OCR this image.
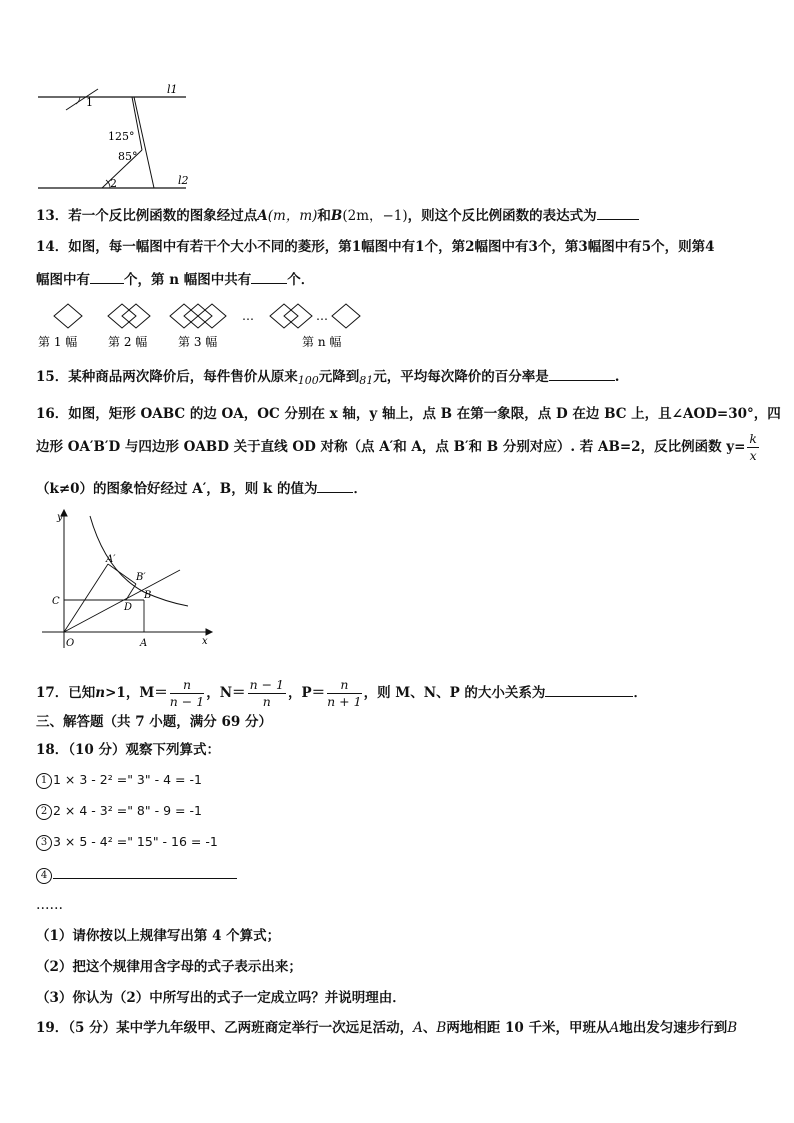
l1
l2
1
125°
85°
2
13．若一个反比例函数的图象经过点A(m，m)和B(2m，−1)，则这个反比例函数的表达式为
14．如图，每一幅图中有若干个大小不同的菱形，第1幅图中有1个，第2幅图中有3个，第3幅图中有5个，则第4
幅图中有	个，第 n 幅图中共有	个．
…	…
第 1 幅	第 2 幅	第 3 幅	第 n 幅
15．某种商品两次降价后，每件售价从原来$_{100}$元降到$_{81}$元，平均每次降价的百分率是	.
16．如图，矩形 OABC 的边 OA，OC 分别在 x 轴，y 轴上，点 B 在第一象限，点 D 在边 BC 上，且∠AOD=30°，四
边形 OA′B′D 与四边形 OABD 关于直线 OD 对称（点 A′和 A，点 B′和 B 分别对应）. 若 AB=2，反比例函数 $y= \frac{k}{x}$
（k≠0）的图象恰好经过 A′，B，则 k 的值为	．
y
x
O	A
C
D
B
A′
B′
17．已知n>1，$M= \frac{n}{n - 1}$ ，$N= \frac{n - 1}{n}$ ，$P= \frac{n}{n + 1}$ ，则 M、N、P 的大小关系为	．
三、解答题（共 7 小题，满分 69 分）
18．（10 分）观察下列算式：
1 1 × 3 - 2² =" 3" - 4 = -1
2 2 × 4 - 3² =" 8" - 9 = -1
3 3 × 5 - 4² =" 15" - 16 = -1
4
……
（1）请你按以上规律写出第 4 个算式；
（2）把这个规律用含字母的式子表示出来；
（3）你认为（2）中所写出的式子一定成立吗？并说明理由．
19．（5 分）某中学九年级甲、乙两班商定举行一次远足活动，A、B两地相距 10 千米，甲班从A地出发匀速步行到B
